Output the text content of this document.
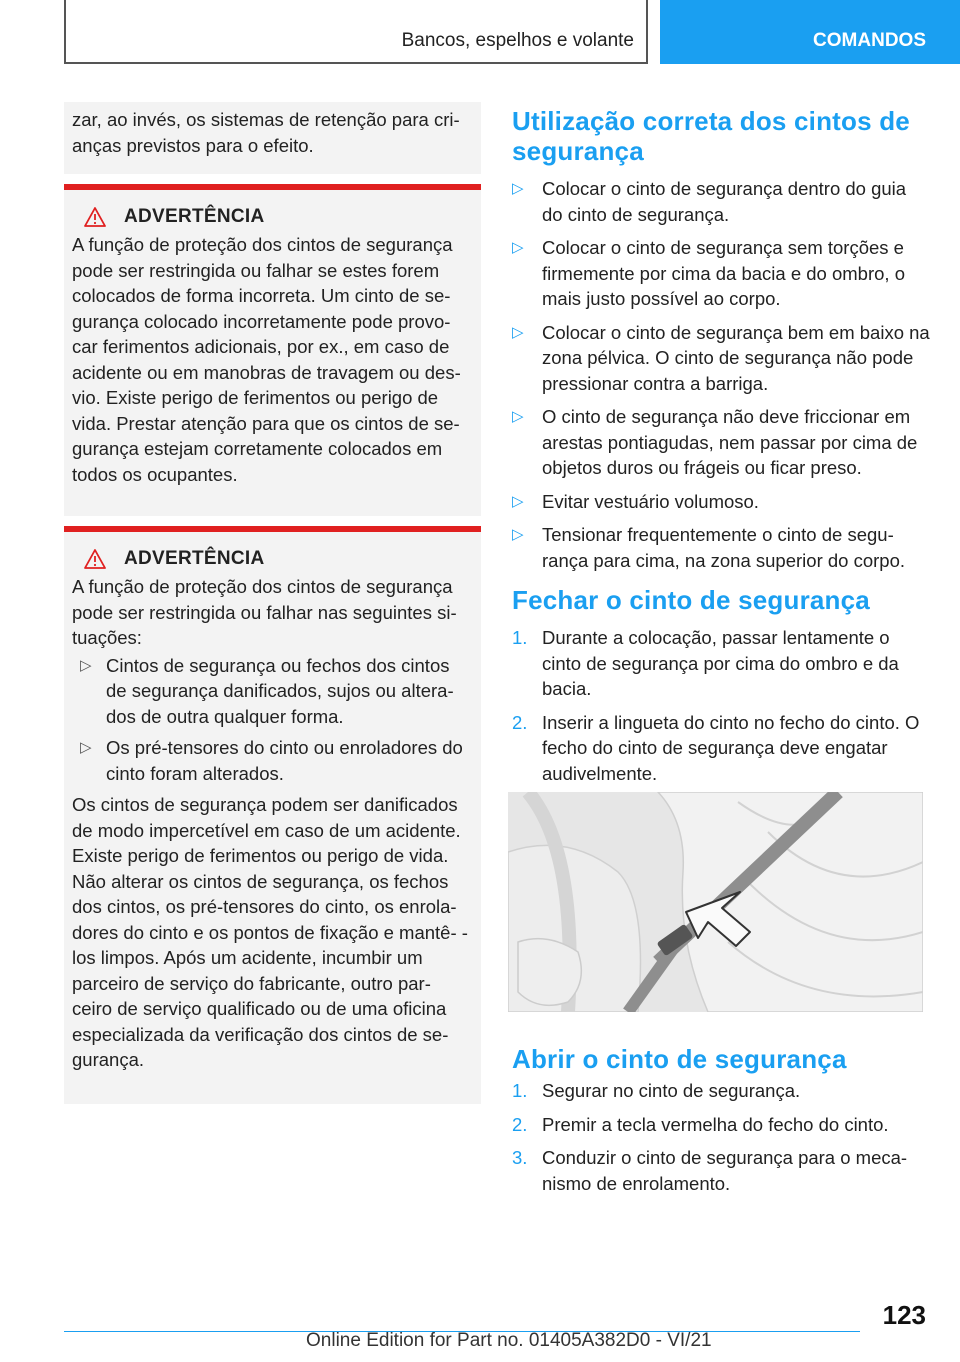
Bancos, espelhos e volante	COMANDOS

zar, ao invés, os sistemas de retenção para cri- anças previstos para o efeito.

ADVERTÊNCIA

A função de proteção dos cintos de segurança pode ser restringida ou falhar se estes forem colocados de forma incorreta. Um cinto de se- gurança colocado incorretamente pode provo- car ferimentos adicionais, por ex., em caso de acidente ou em manobras de travagem ou des- vio. Existe perigo de ferimentos ou perigo de vida. Prestar atenção para que os cintos de se- gurança estejam corretamente colocados em todos os ocupantes.

ADVERTÊNCIA

A função de proteção dos cintos de segurança pode ser restringida ou falhar nas seguintes si- tuações:

▷ Cintos de segurança ou fechos dos cintos de segurança danificados, sujos ou altera- dos de outra qualquer forma.
▷ Os pré-tensores do cinto ou enroladores do cinto foram alterados.

Os cintos de segurança podem ser danificados de modo impercetível em caso de um acidente. Existe perigo de ferimentos ou perigo de vida. Não alterar os cintos de segurança, os fechos dos cintos, os pré-tensores do cinto, os enrola- dores do cinto e os pontos de fixação e mantê- -los limpos. Após um acidente, incumbir um parceiro de serviço do fabricante, outro par- ceiro de serviço qualificado ou de uma oficina especializada da verificação dos cintos de se- gurança.

Utilização correta dos cintos de segurança
▷ Colocar o cinto de segurança dentro do guia do cinto de segurança.
▷ Colocar o cinto de segurança sem torções e firmemente por cima da bacia e do ombro, o mais justo possível ao corpo.
▷ Colocar o cinto de segurança bem em baixo na zona pélvica. O cinto de segurança não pode pressionar contra a barriga.
▷ O cinto de segurança não deve friccionar em arestas pontiagudas, nem passar por cima de objetos duros ou frágeis ou ficar preso.
▷ Evitar vestuário volumoso.
▷ Tensionar frequentemente o cinto de segu- rança para cima, na zona superior do corpo.
Fechar o cinto de segurança
1. Durante a colocação, passar lentamente o cinto de segurança por cima do ombro e da bacia.
2. Inserir a lingueta do cinto no fecho do cinto. O fecho do cinto de segurança deve engatar audivelmente.
Abrir o cinto de segurança
1. Segurar no cinto de segurança.
2. Premir a tecla vermelha do fecho do cinto.
3. Conduzir o cinto de segurança para o meca- nismo de enrolamento.
123
Online Edition for Part no. 01405A382D0 - VI/21
